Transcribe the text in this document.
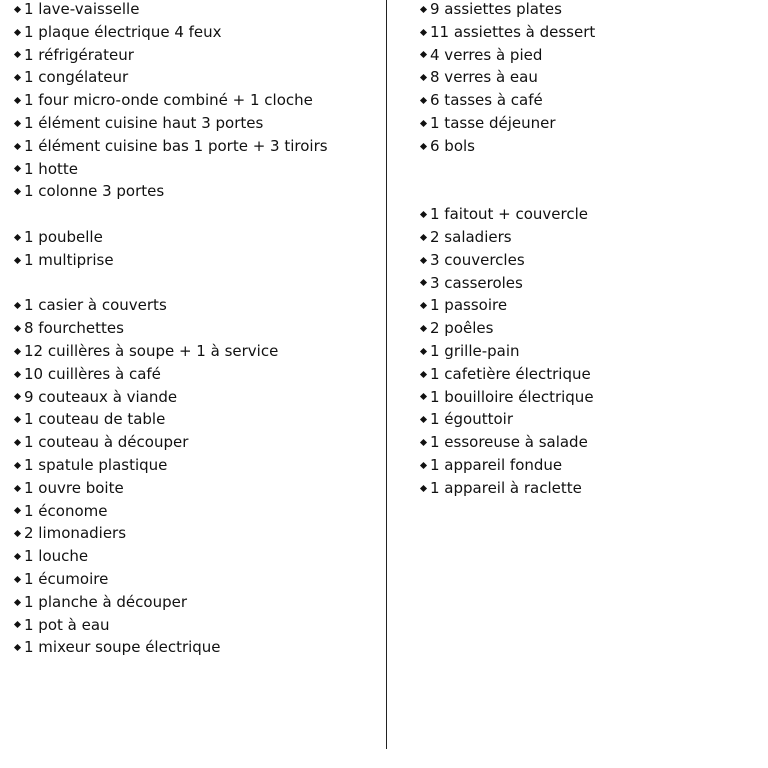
1 lave-vaisselle
1 plaque électrique 4 feux
1 réfrigérateur
1 congélateur
1 four micro-onde combiné + 1 cloche
1 élément cuisine haut 3 portes
1 élément cuisine bas 1 porte + 3 tiroirs
1 hotte
1 colonne 3 portes
1 poubelle
1 multiprise
1 casier à couverts
8 fourchettes
12 cuillères à soupe + 1 à service
10 cuillères à café
9 couteaux à viande
1 couteau de table
1 couteau à découper
1 spatule plastique
1 ouvre boite
1 économe
2 limonadiers
1 louche
1 écumoire
1 planche à découper
1 pot à eau
1 mixeur soupe électrique
9 assiettes plates
11 assiettes à dessert
4 verres à pied
8 verres à eau
6 tasses à café
1 tasse déjeuner
6 bols
1 faitout + couvercle
2 saladiers
3 couvercles
3 casseroles
1 passoire
2 poêles
1 grille-pain
1 cafetière électrique
1 bouilloire électrique
1 égouttoir
1 essoreuse à salade
1 appareil fondue
1 appareil à raclette
